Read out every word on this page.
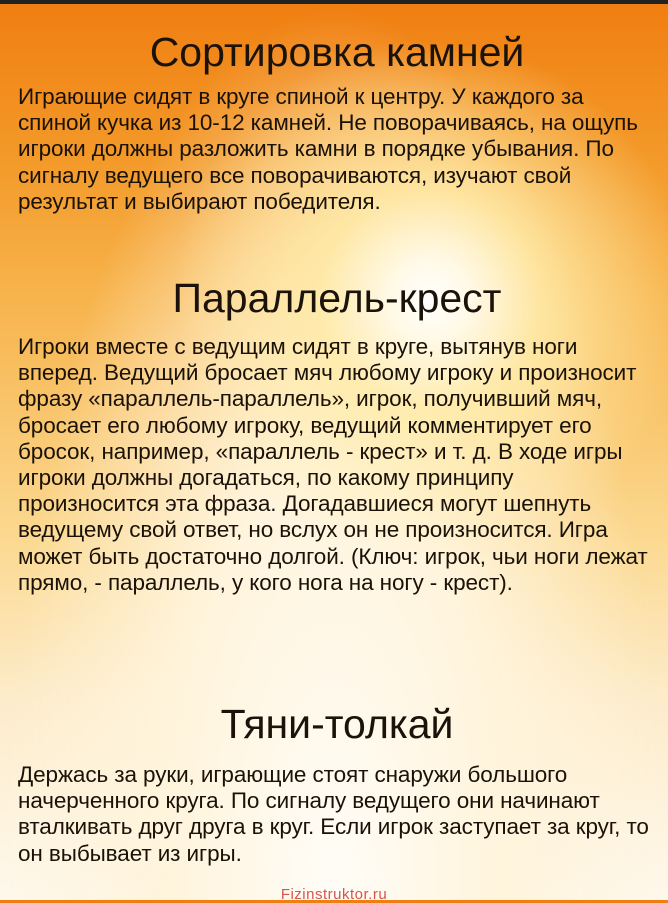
Сортировка камней

Играющие сидят в круге спиной к центру. У каждого за спиной кучка из 10-12 камней. Не поворачиваясь, на ощупь игроки должны разложить камни в порядке убывания. По сигналу ведущего все поворачиваются, изучают свой результат и выбирают победителя.

Параллель-крест

Игроки вместе с ведущим сидят в круге, вытянув ноги вперед. Ведущий бросает мяч любому игроку и произносит фразу «параллель-параллель», игрок, получивший мяч, бросает его любому игроку, ведущий комментирует его бросок, например, «параллель - крест» и т. д. В ходе игры игроки должны догадаться, по какому принципу произносится эта фраза. Догадавшиеся могут шепнуть ведущему свой ответ, но вслух он не произносится. Игра может быть достаточно долгой. (Ключ: игрок, чьи ноги лежат прямо, - параллель, у кого нога на ногу - крест).

Тяни-толкай

Держась за руки, играющие стоят снаружи большого начерченного круга. По сигналу ведущего они начинают вталкивать друг друга в круг. Если игрок заступает за круг, то он выбывает из игры.

Fizinstruktor.ru
